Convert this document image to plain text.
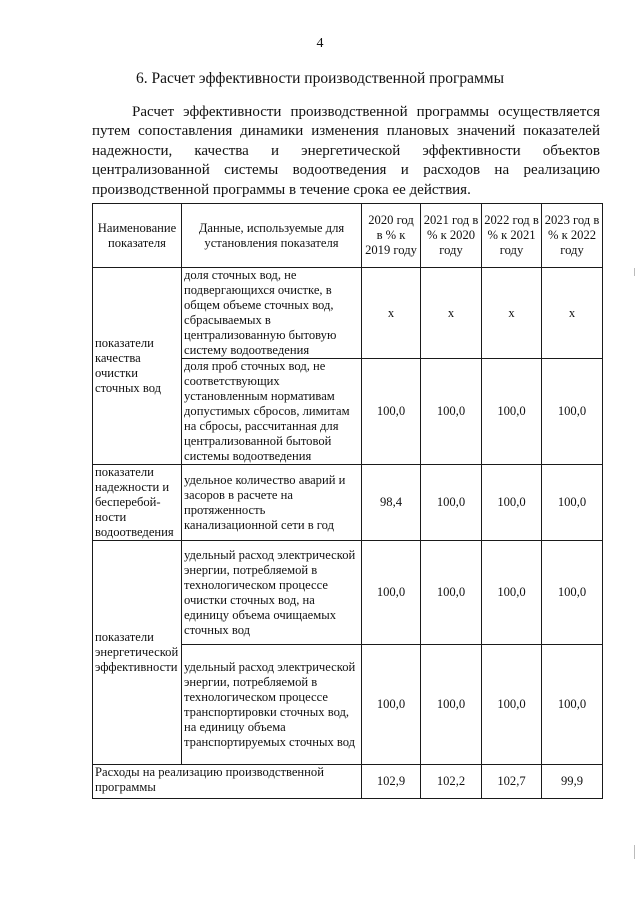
4
6. Расчет эффективности производственной программы

Расчет эффективности производственной программы осуществляется
путем сопоставления динамики изменения плановых значений показателей
надежности, качества и энергетической эффективности объектов
централизованной системы водоотведения и расходов на реализацию
производственной программы в течение срока ее действия.

Наименование показателя	Данные, используемые для установления показателя	2020 год в % к 2019 году	2021 год в % к 2020 году	2022 год в % к 2021 году	2023 год в % к 2022 году
показатели качества очистки сточных вод	доля сточных вод, не подвергающихся очистке, в общем объеме сточных вод, сбрасываемых в централизованную бытовую систему водоотведения	х	х	х	х
	доля проб сточных вод, не соответствующих установленным нормативам допустимых сбросов, лимитам на сбросы, рассчитанная для централизованной бытовой системы водоотведения	100,0	100,0	100,0	100,0
показатели надежности и бесперебой-ности водоотведения	удельное количество аварий и засоров в расчете на протяженность канализационной сети в год	98,4	100,0	100,0	100,0
показатели энергетической эффективности	удельный расход электрической энергии, потребляемой в технологическом процессе очистки сточных вод, на единицу объема очищаемых сточных вод	100,0	100,0	100,0	100,0
	удельный расход электрической энергии, потребляемой в технологическом процессе транспортировки сточных вод, на единицу объема транспортируемых сточных вод	100,0	100,0	100,0	100,0
Расходы на реализацию производственной программы		102,9	102,2	102,7	99,9
